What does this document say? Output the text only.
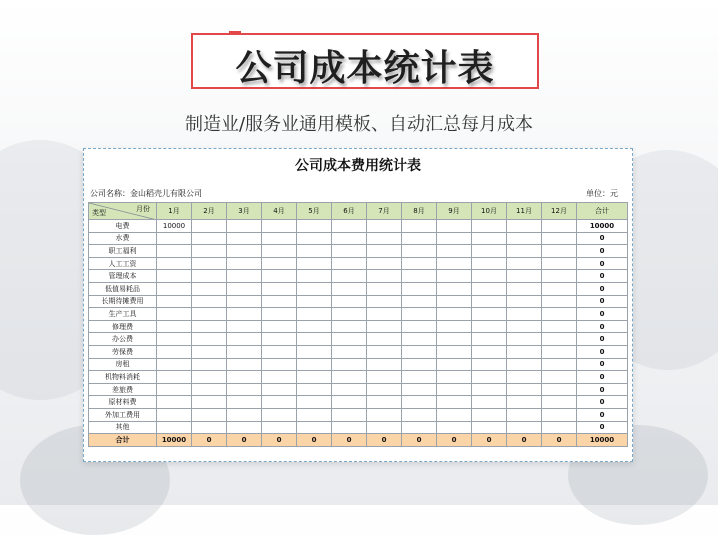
公司成本统计表
制造业/服务业通用模板、自动汇总每月成本
公司成本费用统计表
公司名称：金山稻壳儿有限公司	单位：元
月份
类型	1月	2月	3月	4月	5月	6月	7月	8月	9月	10月	11月	12月	合计
电费	10000												10000
水费													0
职工福利													0
人工工资													0
管理成本													0
低值易耗品													0
长期待摊费用													0
生产工具													0
修理费													0
办公费													0
劳保费													0
房租													0
机物料消耗													0
差旅费													0
原材料费													0
外加工费用													0
其他													0
合计	10000	0	0	0	0	0	0	0	0	0	0	0	10000
